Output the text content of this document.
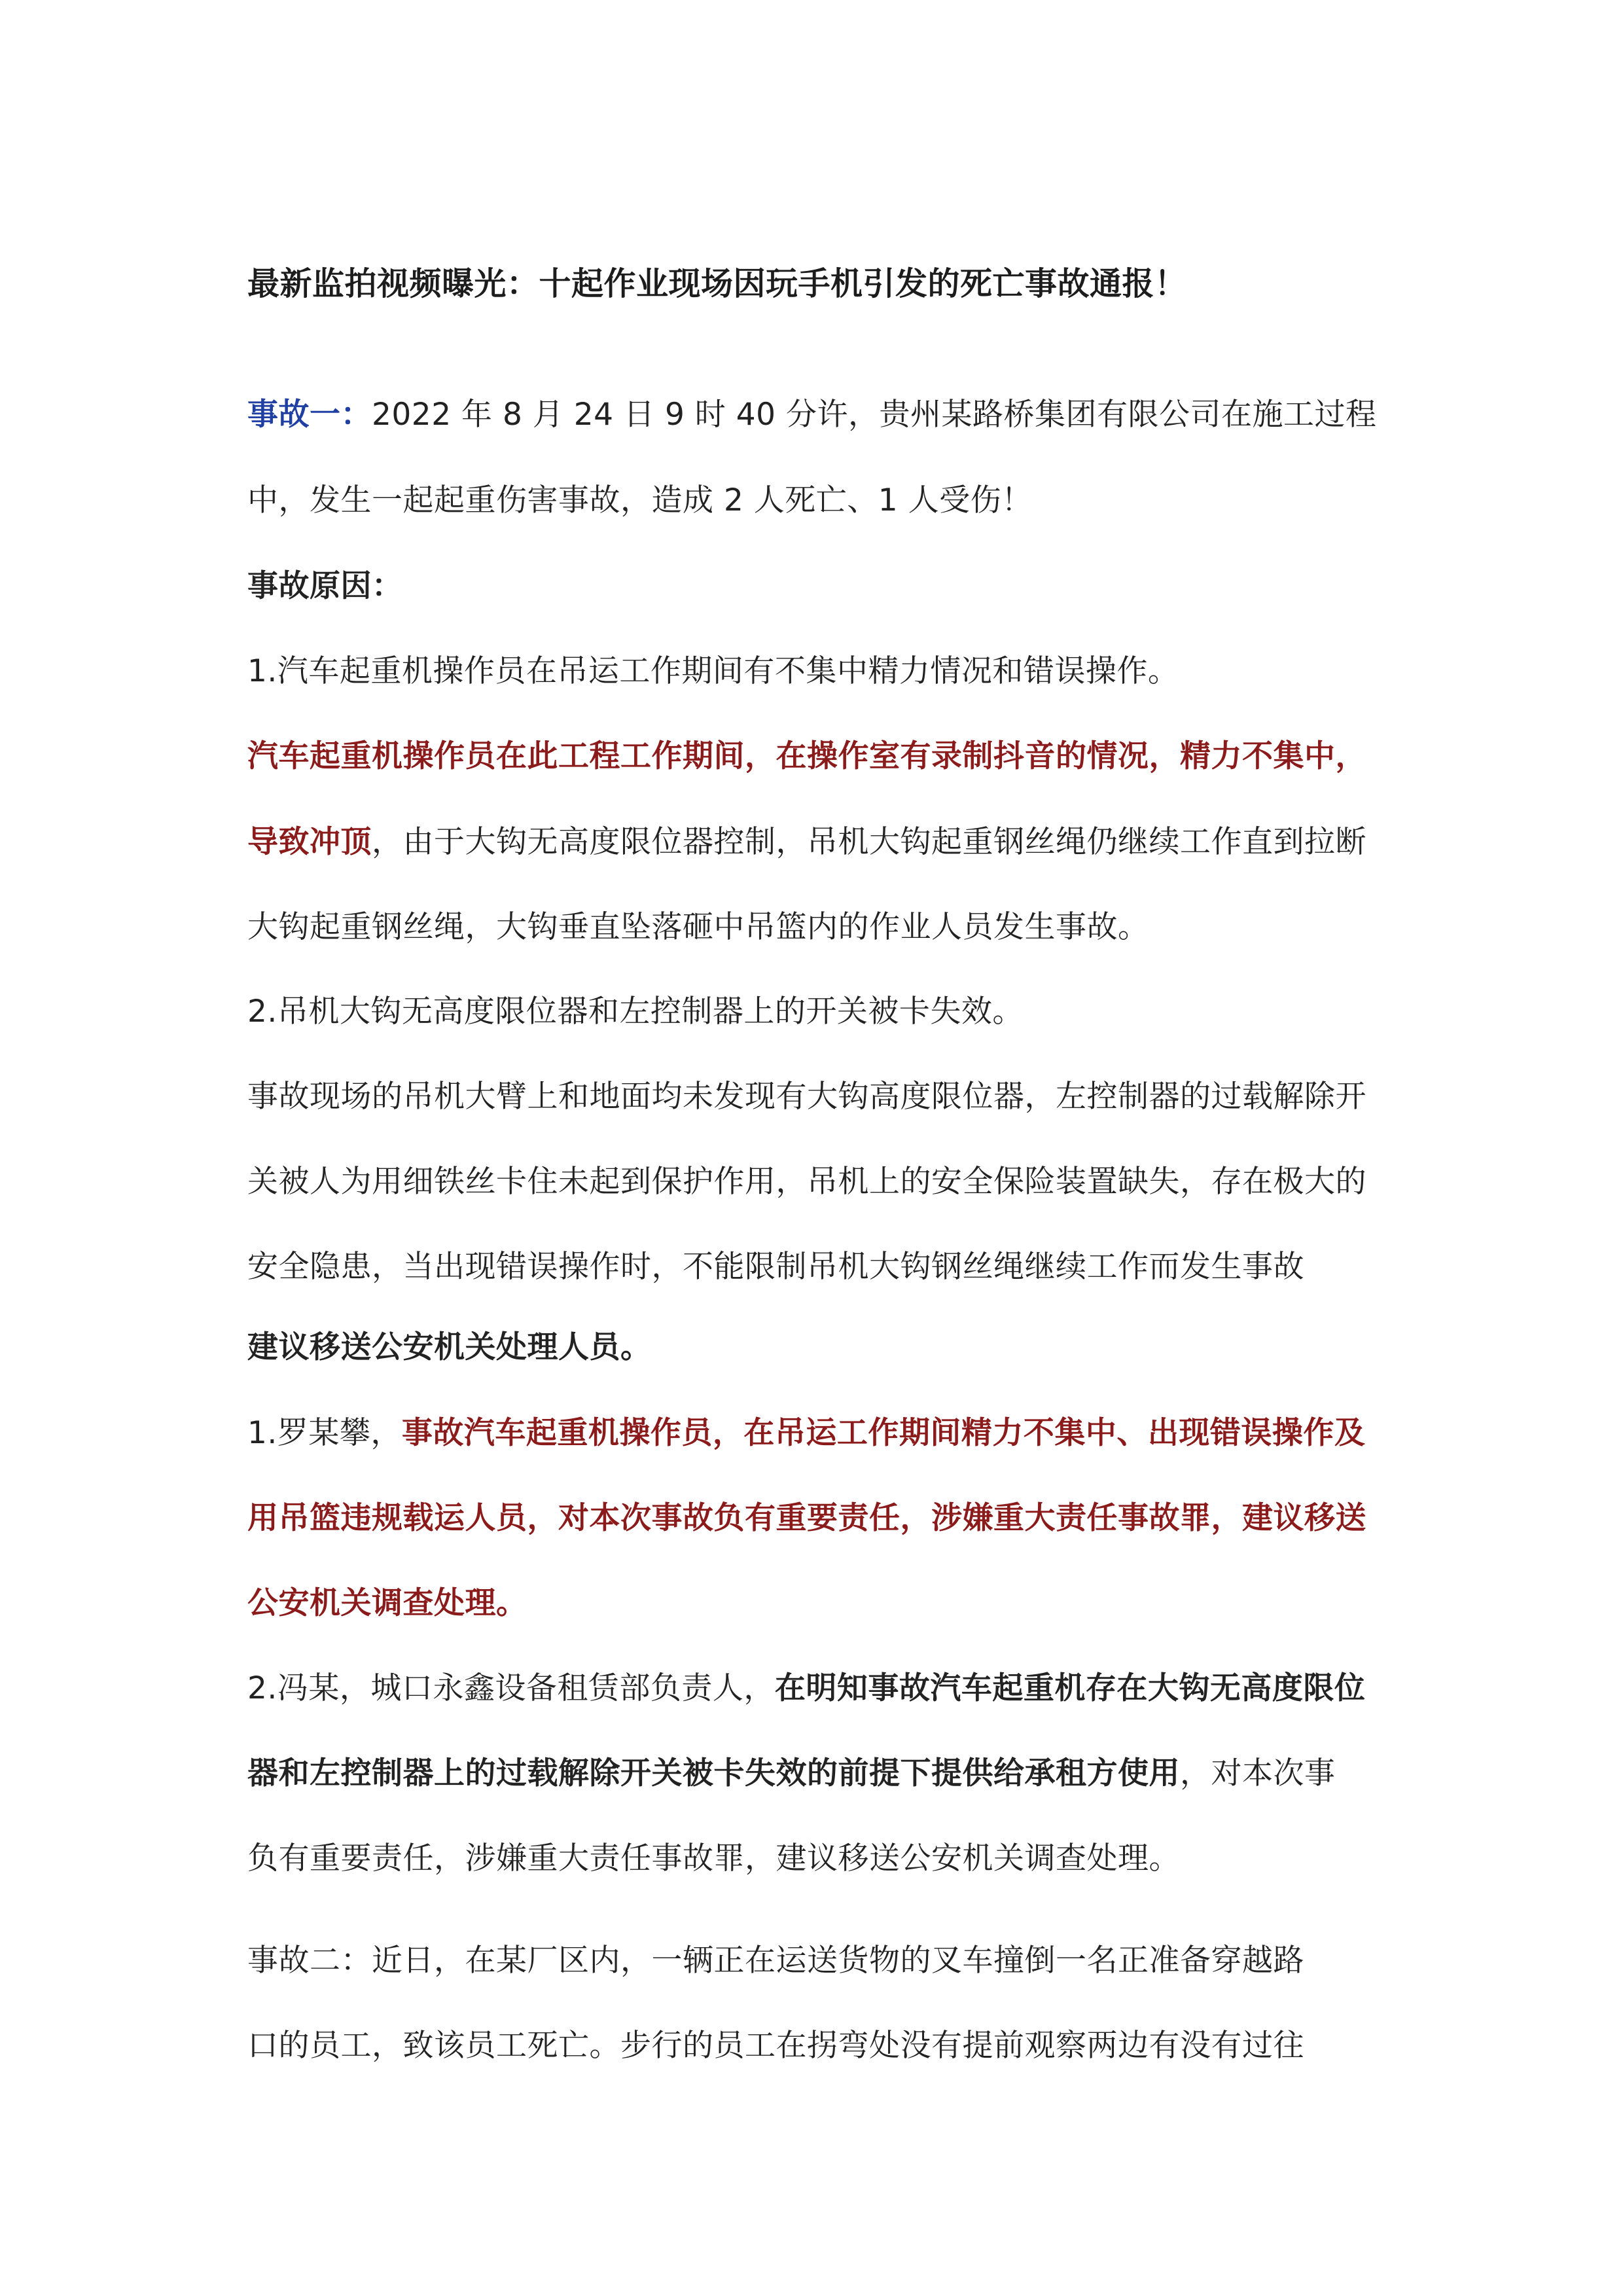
最新监拍视频曝光：十起作业现场因玩手机引发的死亡事故通报！

事故一：2022 年 8 月 24 日 9 时 40 分许，贵州某路桥集团有限公司在施工过程

中，发生一起起重伤害事故，造成 2 人死亡、1 人受伤！

事故原因：

1.汽车起重机操作员在吊运工作期间有不集中精力情况和错误操作。

汽车起重机操作员在此工程工作期间，在操作室有录制抖音的情况，精力不集中，

导致冲顶，由于大钩无高度限位器控制，吊机大钩起重钢丝绳仍继续工作直到拉断

大钩起重钢丝绳，大钩垂直坠落砸中吊篮内的作业人员发生事故。

2.吊机大钩无高度限位器和左控制器上的开关被卡失效。

事故现场的吊机大臂上和地面均未发现有大钩高度限位器，左控制器的过载解除开

关被人为用细铁丝卡住未起到保护作用，吊机上的安全保险装置缺失，存在极大的

安全隐患，当出现错误操作时，不能限制吊机大钩钢丝绳继续工作而发生事故

建议移送公安机关处理人员。

1.罗某攀，事故汽车起重机操作员，在吊运工作期间精力不集中、出现错误操作及

用吊篮违规载运人员，对本次事故负有重要责任，涉嫌重大责任事故罪，建议移送

公安机关调查处理。

2.冯某，城口永鑫设备租赁部负责人，在明知事故汽车起重机存在大钩无高度限位

器和左控制器上的过载解除开关被卡失效的前提下提供给承租方使用，对本次事

负有重要责任，涉嫌重大责任事故罪，建议移送公安机关调查处理。

事故二：近日，在某厂区内，一辆正在运送货物的叉车撞倒一名正准备穿越路

口的员工，致该员工死亡。步行的员工在拐弯处没有提前观察两边有没有过往
